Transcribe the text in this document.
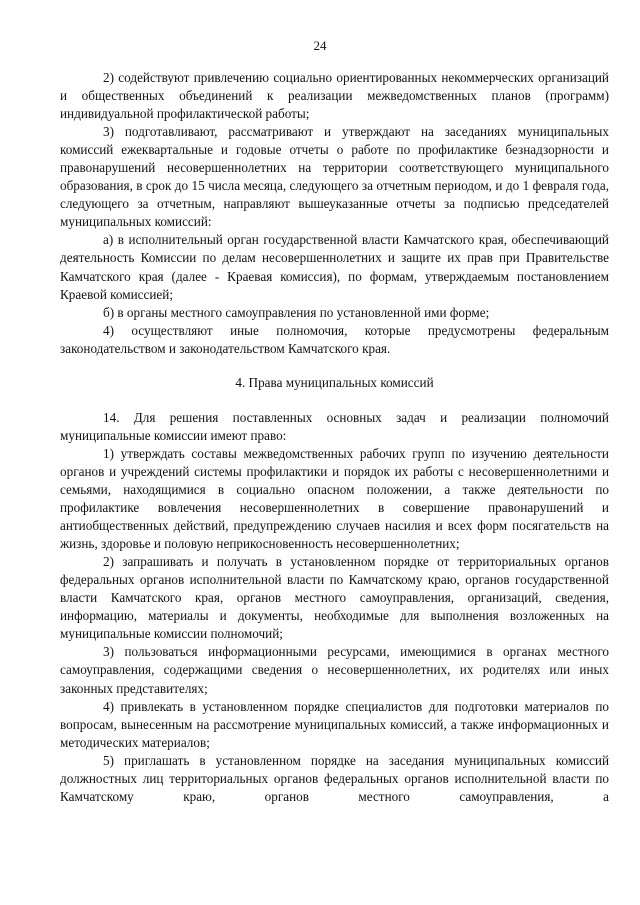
24

2) содействуют привлечению социально ориентированных некоммерческих организаций и общественных объединений к реализации межведомственных планов (программ) индивидуальной профилактической работы;

3) подготавливают, рассматривают и утверждают на заседаниях муниципальных комиссий ежеквартальные и годовые отчеты о работе по профилактике безнадзорности и правонарушений несовершеннолетних на территории соответствующего муниципального образования, в срок до 15 числа месяца, следующего за отчетным периодом, и до 1 февраля года, следующего за отчетным, направляют вышеуказанные отчеты за подписью председателей муниципальных комиссий:

а) в исполнительный орган государственной власти Камчатского края, обеспечивающий деятельность Комиссии по делам несовершеннолетних и защите их прав при Правительстве Камчатского края (далее - Краевая комиссия), по формам, утверждаемым постановлением Краевой комиссией;

б) в органы местного самоуправления по установленной ими форме;

4) осуществляют иные полномочия, которые предусмотрены федеральным законодательством и законодательством Камчатского края.

4. Права муниципальных комиссий

14. Для решения поставленных основных задач и реализации полномочий муниципальные комиссии имеют право:

1) утверждать составы межведомственных рабочих групп по изучению деятельности органов и учреждений системы профилактики и порядок их работы с несовершеннолетними и семьями, находящимися в социально опасном положении, а также деятельности по профилактике вовлечения несовершеннолетних в совершение правонарушений и антиобщественных действий, предупреждению случаев насилия и всех форм посягательств на жизнь, здоровье и половую неприкосновенность несовершеннолетних;

2) запрашивать и получать в установленном порядке от территориальных органов федеральных органов исполнительной власти по Камчатскому краю, органов государственной власти Камчатского края, органов местного самоуправления, организаций, сведения, информацию, материалы и документы, необходимые для выполнения возложенных на муниципальные комиссии полномочий;

3) пользоваться информационными ресурсами, имеющимися в органах местного самоуправления, содержащими сведения о несовершеннолетних, их родителях или иных законных представителях;

4) привлекать в установленном порядке специалистов для подготовки материалов по вопросам, вынесенным на рассмотрение муниципальных комиссий, а также информационных и методических материалов;

5) приглашать в установленном порядке на заседания муниципальных комиссий должностных лиц территориальных органов федеральных органов исполнительной власти по Камчатскому краю, органов местного самоуправления, а
